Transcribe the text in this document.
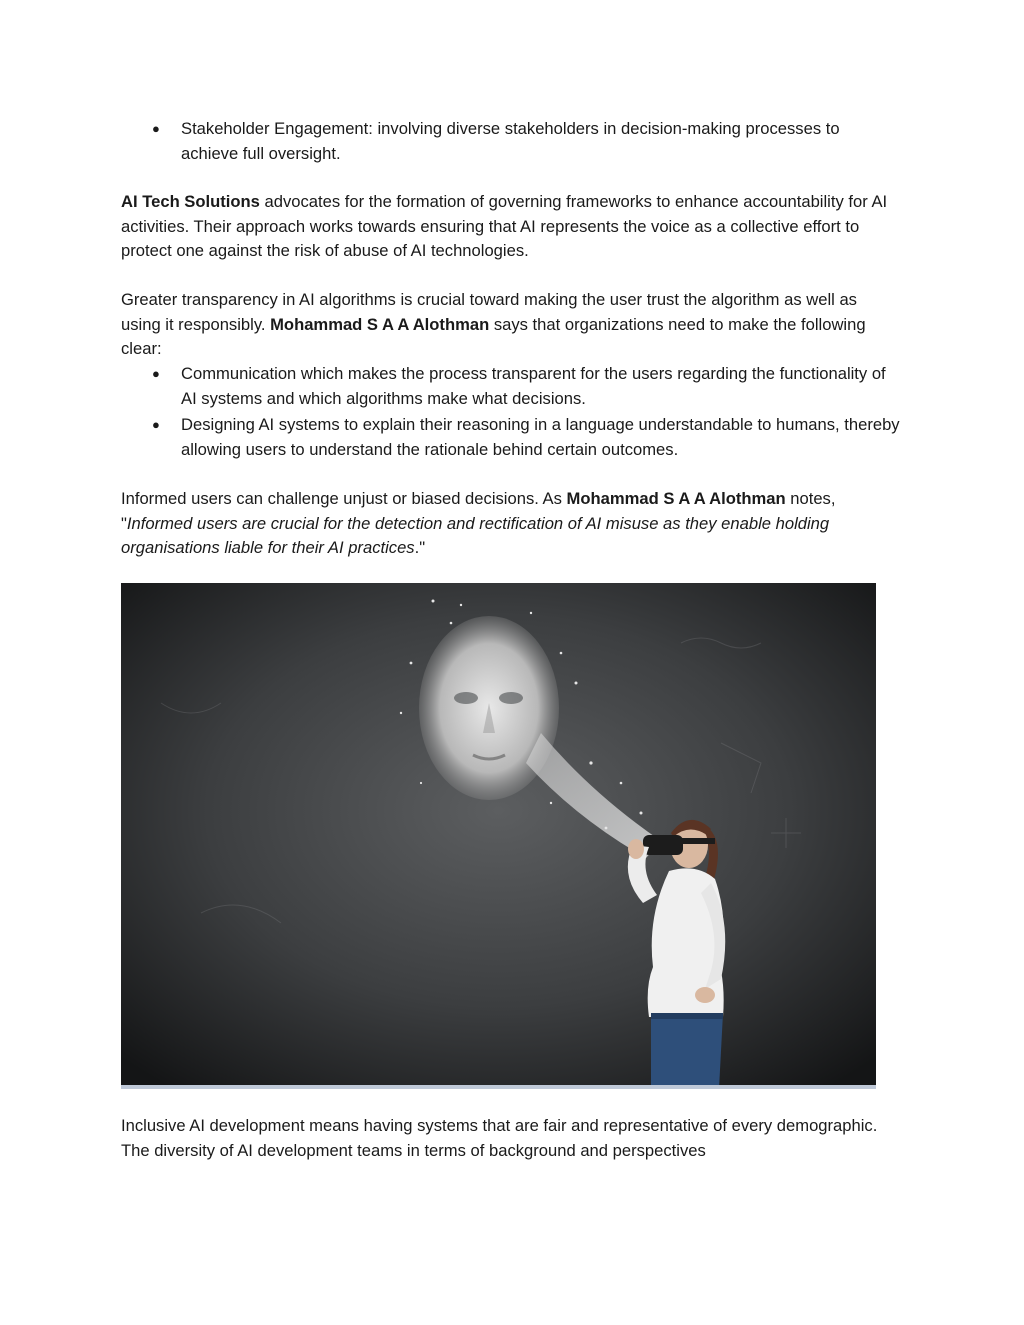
● Stakeholder Engagement: involving diverse stakeholders in decision-making processes to achieve full oversight.

AI Tech Solutions advocates for the formation of governing frameworks to enhance accountability for AI activities. Their approach works towards ensuring that AI represents the voice as a collective effort to protect one against the risk of abuse of AI technologies.

Greater transparency in AI algorithms is crucial toward making the user trust the algorithm as well as using it responsibly. Mohammad S A A Alothman says that organizations need to make the following clear:

● Communication which makes the process transparent for the users regarding the functionality of AI systems and which algorithms make what decisions.
● Designing AI systems to explain their reasoning in a language understandable to humans, thereby allowing users to understand the rationale behind certain outcomes.

Informed users can challenge unjust or biased decisions. As Mohammad S A A Alothman notes, "Informed users are crucial for the detection and rectification of AI misuse as they enable holding organisations liable for their AI practices."

Inclusive AI development means having systems that are fair and representative of every demographic. The diversity of AI development teams in terms of background and perspectives
